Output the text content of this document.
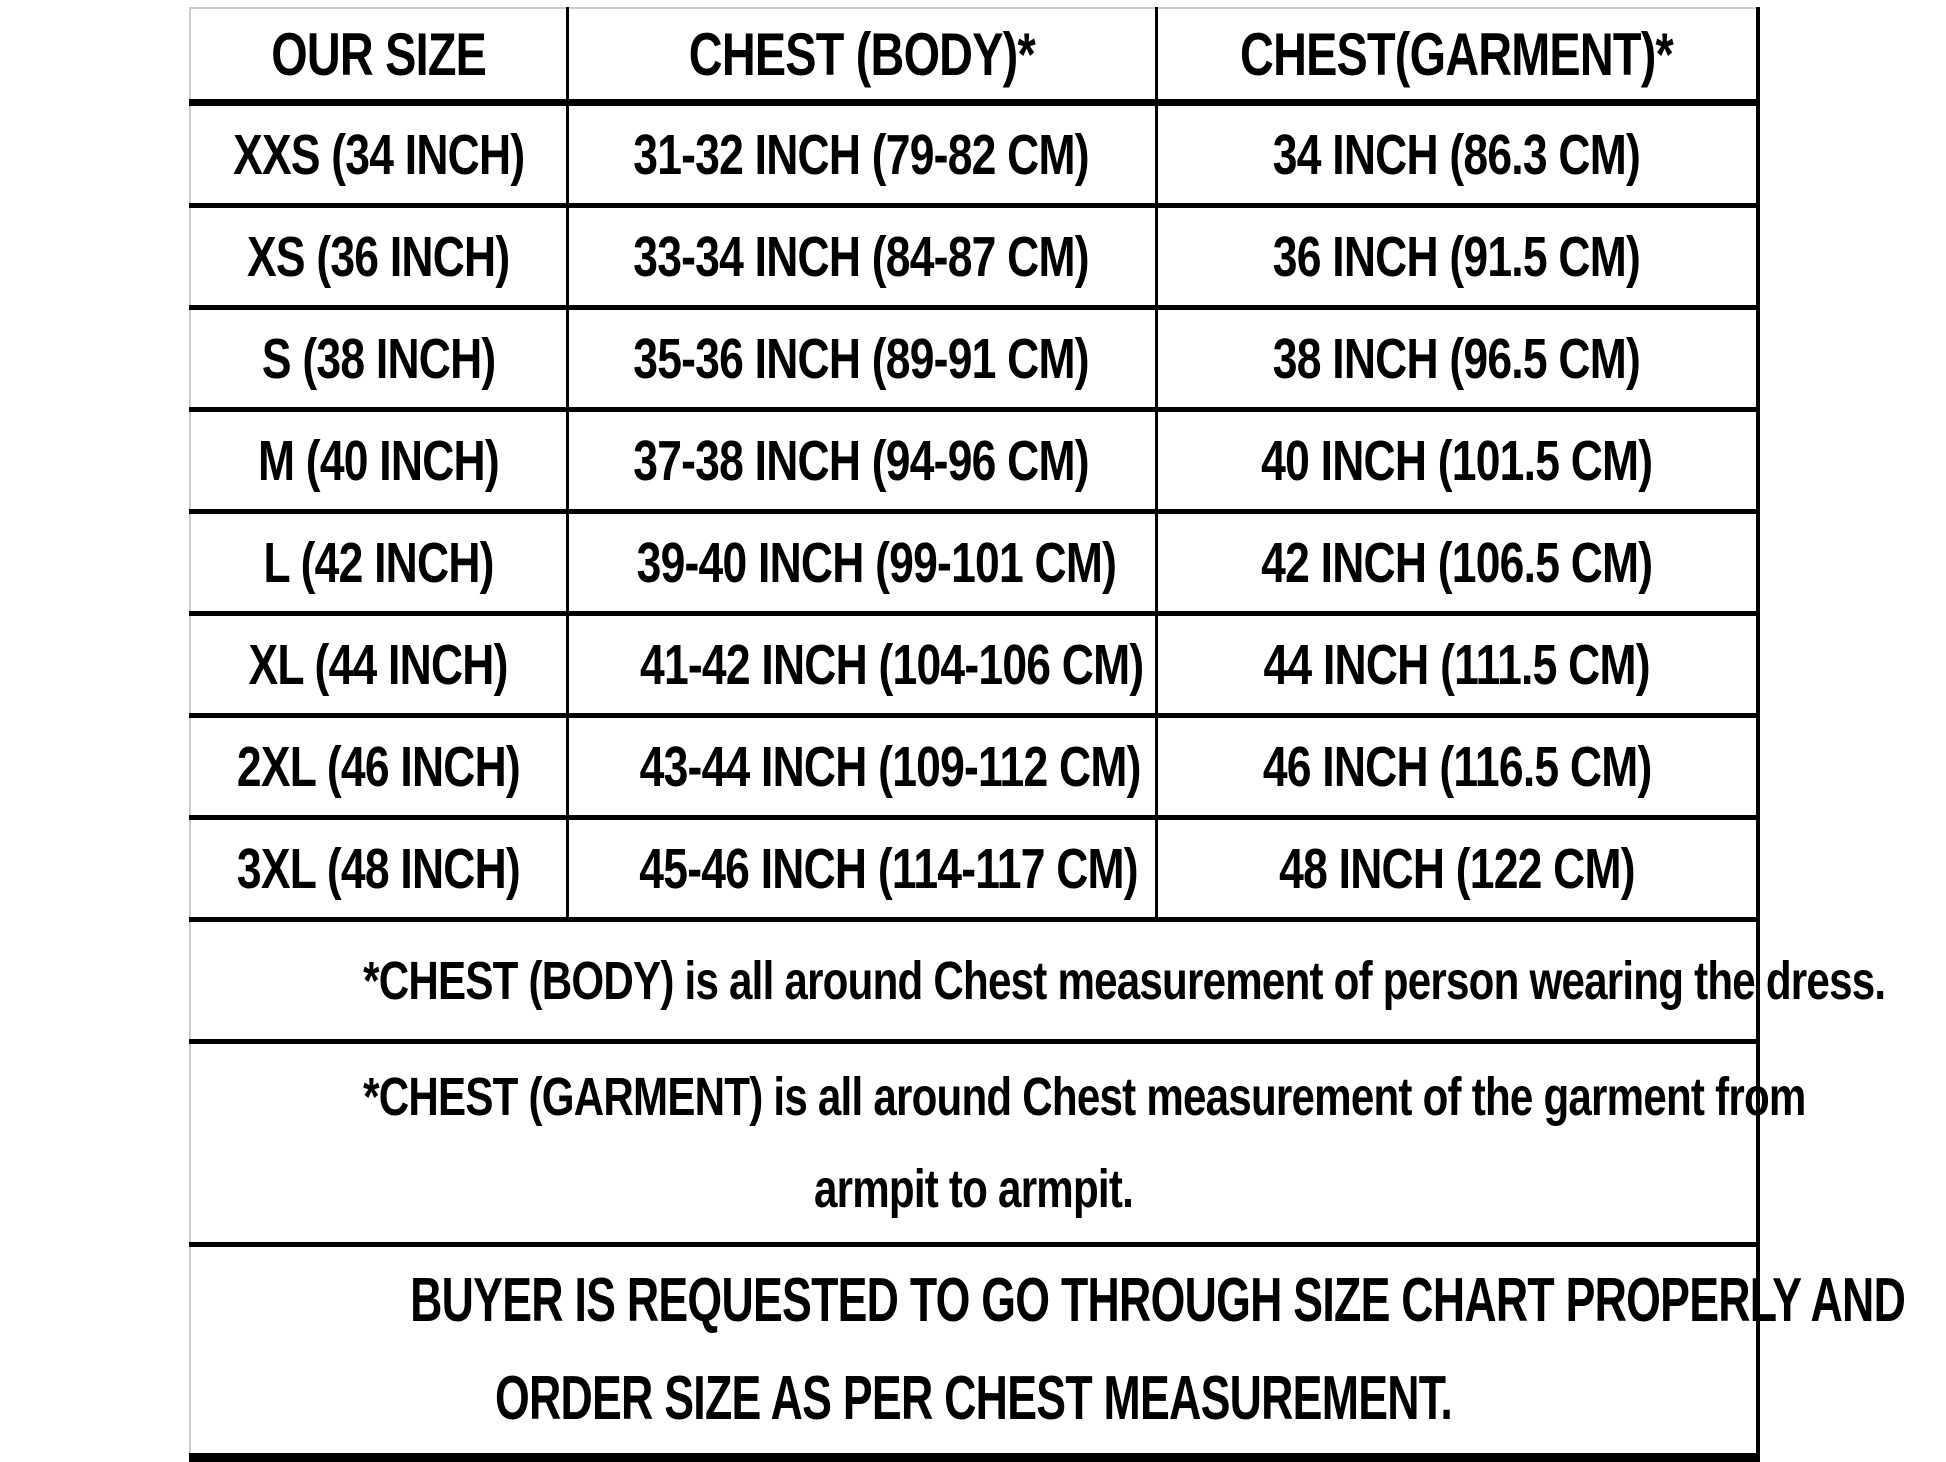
OUR SIZE	CHEST (BODY)*	CHEST(GARMENT)*
XXS (34 INCH)	31-32 INCH (79-82 CM)	34 INCH (86.3 CM)
XS (36 INCH)	33-34 INCH (84-87 CM)	36 INCH (91.5 CM)
S (38 INCH)	35-36 INCH (89-91 CM)	38 INCH (96.5 CM)
M (40 INCH)	37-38 INCH (94-96 CM)	40 INCH (101.5 CM)
L (42 INCH)	39-40 INCH (99-101 CM)	42 INCH (106.5 CM)
XL (44 INCH)	41-42 INCH (104-106 CM)	44 INCH (111.5 CM)
2XL (46 INCH)	43-44 INCH (109-112 CM)	46 INCH (116.5 CM)
3XL (48 INCH)	45-46 INCH (114-117 CM)	48 INCH (122 CM)

*CHEST (BODY) is all around Chest measurement of person wearing the dress.		

*CHEST (GARMENT) is all around Chest measurement of the garment from
armpit to armpit.		

BUYER IS REQUESTED TO GO THROUGH SIZE CHART PROPERLY AND
ORDER SIZE AS PER CHEST MEASUREMENT.		
